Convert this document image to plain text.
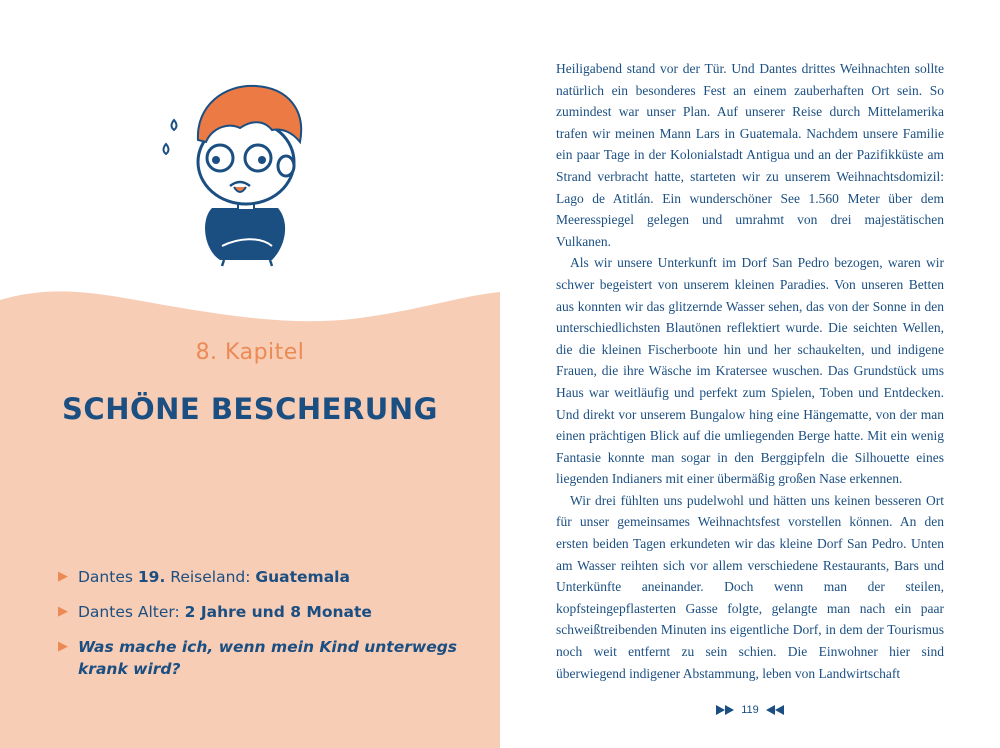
8. Kapitel
SCHÖNE BESCHERUNG
▶ Dantes 19. Reiseland: Guatemala
▶ Dantes Alter: 2 Jahre und 8 Monate
▶ Was mache ich, wenn mein Kind unterwegs krank wird?

Heiligabend stand vor der Tür. Und Dantes drittes Weihnachten sollte natürlich ein besonderes Fest an einem zauberhaften Ort sein. So zumindest war unser Plan. Auf unserer Reise durch Mittelamerika trafen wir meinen Mann Lars in Guatemala. Nachdem unsere Familie ein paar Tage in der Kolonialstadt Antigua und an der Pazifikküste am Strand verbracht hatte, starteten wir zu unserem Weihnachtsdomizil: Lago de Atitlán. Ein wunderschöner See 1.560 Meter über dem Meeresspiegel gelegen und umrahmt von drei majestätischen Vulkanen.

Als wir unsere Unterkunft im Dorf San Pedro bezogen, waren wir schwer begeistert von unserem kleinen Paradies. Von unseren Betten aus konnten wir das glitzernde Wasser sehen, das von der Sonne in den unterschiedlichsten Blautönen reflektiert wurde. Die seichten Wellen, die die kleinen Fischerboote hin und her schaukelten, und indigene Frauen, die ihre Wäsche im Kratersee wuschen. Das Grundstück ums Haus war weitläufig und perfekt zum Spielen, Toben und Entdecken. Und direkt vor unserem Bungalow hing eine Hängematte, von der man einen prächtigen Blick auf die umliegenden Berge hatte. Mit ein wenig Fantasie konnte man sogar in den Berggipfeln die Silhouette eines liegenden Indianers mit einer übermäßig großen Nase erkennen.

Wir drei fühlten uns pudelwohl und hätten uns keinen besseren Ort für unser gemeinsames Weihnachtsfest vorstellen können. An den ersten beiden Tagen erkundeten wir das kleine Dorf San Pedro. Unten am Wasser reihten sich vor allem verschiedene Restaurants, Bars und Unterkünfte aneinander. Doch wenn man der steilen, kopfsteingepflasterten Gasse folgte, gelangte man nach ein paar schweißtreibenden Minuten ins eigentliche Dorf, in dem der Tourismus noch weit entfernt zu sein schien. Die Einwohner hier sind überwiegend indigener Abstammung, leben von Landwirtschaft

119
